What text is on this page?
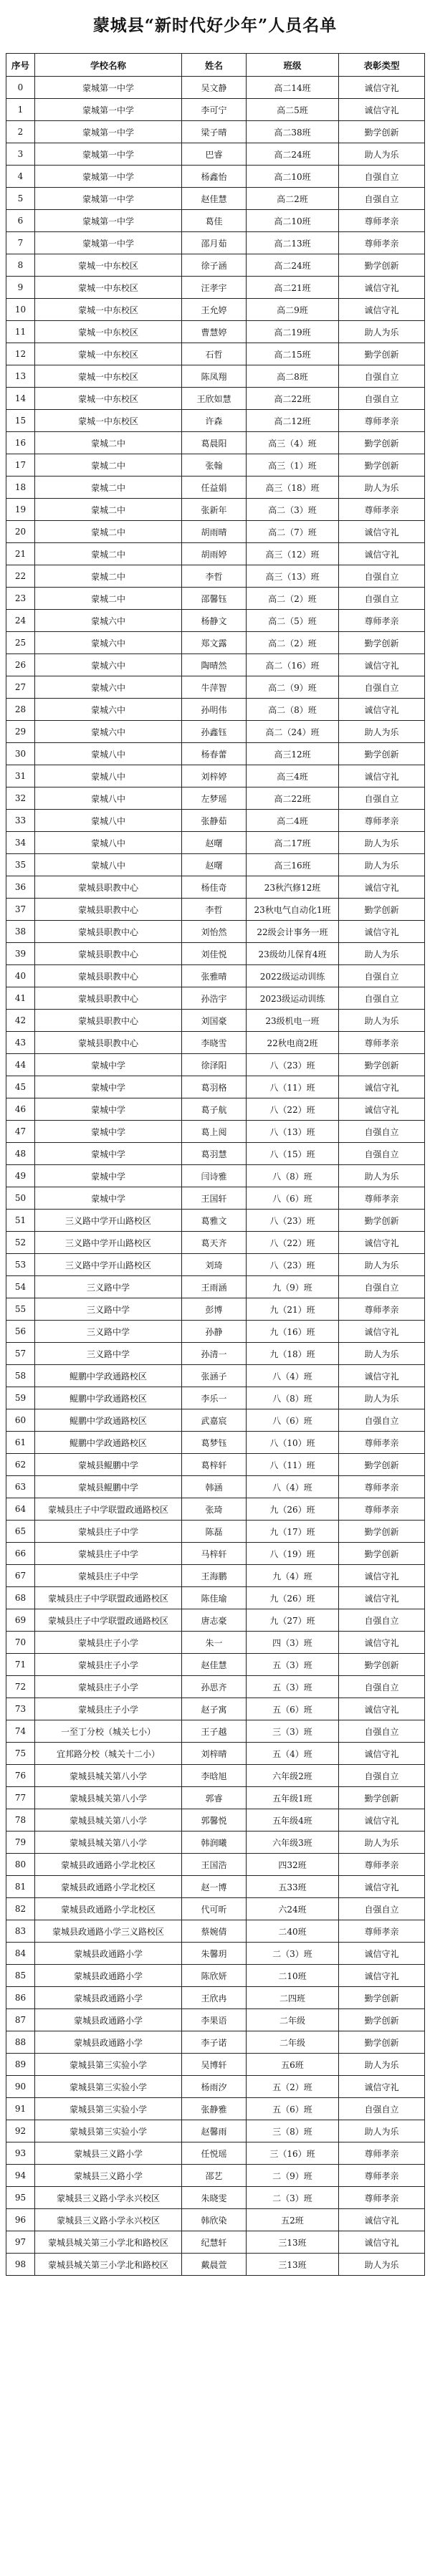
蒙城县“新时代好少年”人员名单
序号	学校名称	姓名	班级	表彰类型
0	蒙城第一中学	吴文静	高二14班	诚信守礼
1	蒙城第一中学	李可宁	高二5班	诚信守礼
2	蒙城第一中学	梁子晴	高二38班	勤学创新
3	蒙城第一中学	巴睿	高二24班	助人为乐
4	蒙城第一中学	杨鑫怡	高二10班	自强自立
5	蒙城第一中学	赵佳慧	高二2班	自强自立
6	蒙城第一中学	葛佳	高二10班	尊师孝亲
7	蒙城第一中学	邵月茹	高二13班	尊师孝亲
8	蒙城一中东校区	徐子涵	高二24班	勤学创新
9	蒙城一中东校区	汪孝宇	高二21班	诚信守礼
10	蒙城一中东校区	王允婷	高二9班	诚信守礼
11	蒙城一中东校区	曹慧婷	高二19班	助人为乐
12	蒙城一中东校区	石哲	高二15班	勤学创新
13	蒙城一中东校区	陈凤翔	高二8班	自强自立
14	蒙城一中东校区	王欣如慧	高二22班	自强自立
15	蒙城一中东校区	许森	高二12班	尊师孝亲
16	蒙城二中	葛晨阳	高三（4）班	勤学创新
17	蒙城二中	张翰	高三（1）班	勤学创新
18	蒙城二中	任益娟	高三（18）班	助人为乐
19	蒙城二中	张新年	高二（3）班	尊师孝亲
20	蒙城二中	胡雨晴	高二（7）班	诚信守礼
21	蒙城二中	胡雨婷	高三（12）班	诚信守礼
22	蒙城二中	李哲	高三（13）班	自强自立
23	蒙城二中	邵馨钰	高二（2）班	自强自立
24	蒙城六中	杨静文	高二（5）班	尊师孝亲
25	蒙城六中	郑文露	高二（2）班	勤学创新
26	蒙城六中	陶晴然	高二（16）班	诚信守礼
27	蒙城六中	牛萍智	高二（9）班	自强自立
28	蒙城六中	孙明伟	高二（8）班	诚信守礼
29	蒙城六中	孙鑫钰	高二（24）班	助人为乐
30	蒙城八中	杨春蕾	高三12班	勤学创新
31	蒙城八中	刘梓婷	高三4班	诚信守礼
32	蒙城八中	左梦瑶	高二22班	自强自立
33	蒙城八中	张静茹	高二4班	尊师孝亲
34	蒙城八中	赵曙	高二17班	助人为乐
35	蒙城八中	赵曙	高三16班	助人为乐
36	蒙城县职教中心	杨佳奇	23秋汽修12班	诚信守礼
37	蒙城县职教中心	李哲	23秋电气自动化1班	勤学创新
38	蒙城县职教中心	刘怡然	22级会计事务一班	诚信守礼
39	蒙城县职教中心	刘佳悦	23级幼儿保育4班	助人为乐
40	蒙城县职教中心	张雅晴	2022级运动训练	自强自立
41	蒙城县职教中心	孙浩宇	2023级运动训练	自强自立
42	蒙城县职教中心	刘国豪	23级机电一班	助人为乐
43	蒙城县职教中心	李晓雪	22秋电商2班	尊师孝亲
44	蒙城中学	徐泽阳	八（23）班	勤学创新
45	蒙城中学	葛羽格	八（11）班	诚信守礼
46	蒙城中学	葛子航	八（22）班	诚信守礼
47	蒙城中学	葛上阅	八（13）班	自强自立
48	蒙城中学	葛羽慧	八（15）班	自强自立
49	蒙城中学	闫诗雅	八（8）班	助人为乐
50	蒙城中学	王国轩	八（6）班	尊师孝亲
51	三义路中学开山路校区	葛雅文	八（23）班	勤学创新
52	三义路中学开山路校区	葛天齐	八（22）班	诚信守礼
53	三义路中学开山路校区	刘琦	八（23）班	助人为乐
54	三义路中学	王雨涵	九（9）班	自强自立
55	三义路中学	彭博	九（21）班	尊师孝亲
56	三义路中学	孙静	九（16）班	诚信守礼
57	三义路中学	孙清一	九（18）班	助人为乐
58	鲲鹏中学政通路校区	张涵子	八（4）班	诚信守礼
59	鲲鹏中学政通路校区	李乐一	八（8）班	助人为乐
60	鲲鹏中学政通路校区	武嘉宸	八（6）班	自强自立
61	鲲鹏中学政通路校区	葛梦钰	八（10）班	尊师孝亲
62	蒙城县鲲鹏中学	葛梓轩	八（11）班	勤学创新
63	蒙城县鲲鹏中学	韩涵	八（4）班	尊师孝亲
64	蒙城县庄子中学联盟政通路校区	张琦	九（26）班	尊师孝亲
65	蒙城县庄子中学	陈磊	九（17）班	勤学创新
66	蒙城县庄子中学	马梓轩	八（19）班	勤学创新
67	蒙城县庄子中学	王海鹏	九（4）班	诚信守礼
68	蒙城县庄子中学联盟政通路校区	陈佳瑜	九（26）班	诚信守礼
69	蒙城县庄子中学联盟政通路校区	唐志豪	九（27）班	自强自立
70	蒙城县庄子小学	朱一	四（3）班	诚信守礼
71	蒙城县庄子小学	赵佳慧	五（3）班	勤学创新
72	蒙城县庄子小学	孙思齐	五（3）班	自强自立
73	蒙城县庄子小学	赵子寓	五（6）班	诚信守礼
74	一至丁分校（城关七小）	王子越	三（3）班	自强自立
75	宜邦路分校（城关十二小）	刘梓晴	五（4）班	诚信守礼
76	蒙城县城关第八小学	李晗旭	六年级2班	自强自立
77	蒙城县城关第八小学	郭睿	五年级1班	勤学创新
78	蒙城县城关第八小学	郭馨悦	五年级4班	诚信守礼
79	蒙城县城关第八小学	韩润曦	六年级3班	助人为乐
80	蒙城县政通路小学北校区	王国浩	四32班	尊师孝亲
81	蒙城县政通路小学北校区	赵一博	五33班	诚信守礼
82	蒙城县政通路小学北校区	代可昕	六24班	自强自立
83	蒙城县政通路小学三义路校区	蔡婉倩	二40班	尊师孝亲
84	蒙城县政通路小学	朱馨玥	二（3）班	诚信守礼
85	蒙城县政通路小学	陈欣妍	二10班	诚信守礼
86	蒙城县政通路小学	王欣冉	二四班	勤学创新
87	蒙城县政通路小学	李果语	二年级	勤学创新
88	蒙城县政通路小学	李子诺	二年级	勤学创新
89	蒙城县第三实验小学	吴博轩	五6班	助人为乐
90	蒙城县第三实验小学	杨雨汐	五（2）班	诚信守礼
91	蒙城县第三实验小学	张静雅	五（6）班	自强自立
92	蒙城县第三实验小学	赵馨雨	三（8）班	助人为乐
93	蒙城县三义路小学	任悦瑶	三（16）班	尊师孝亲
94	蒙城县三义路小学	邵艺	二（9）班	尊师孝亲
95	蒙城县三义路小学永兴校区	朱晓雯	二（3）班	尊师孝亲
96	蒙城县三义路小学永兴校区	韩欣染	五2班	诚信守礼
97	蒙城县城关第三小学北和路校区	纪慧轩	三13班	诚信守礼
98	蒙城县城关第三小学北和路校区	戴晨萱	三13班	助人为乐
